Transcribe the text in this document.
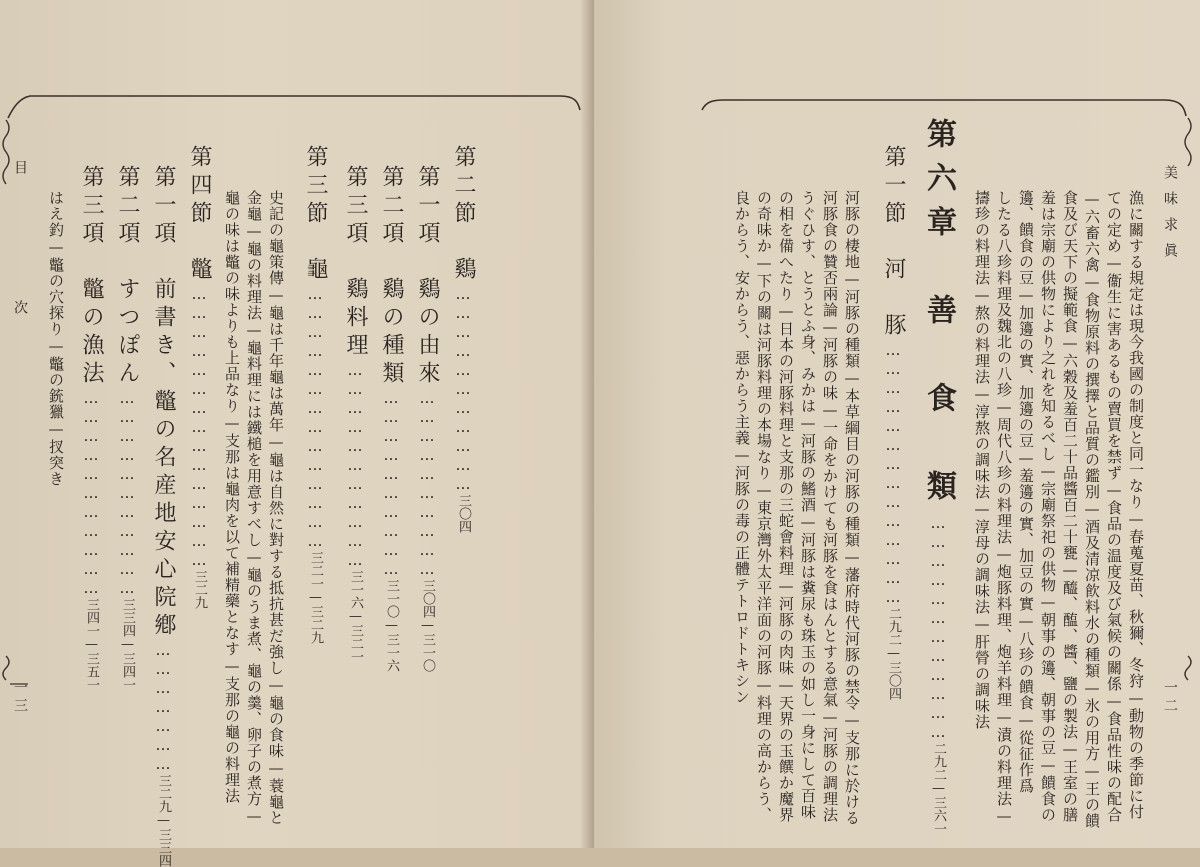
目
次
一三
第二節　鷄……………………………三〇四
第一項　鷄の由來…………………………三〇四—三一〇
第二項　鷄の種類…………………………三一〇—三一六
第三項　鷄料理……………………………三一六—三二一
第三節　龜……………………………………三二一—三二九
史記の龜策傳—龜は千年龜は萬年—龜は自然に對する抵抗甚だ強し—龜の食味—蓑龜と
金龜—龜の料理法—龜料理には鐵槌を用意すべし—龜のうま煮、龜の羹、卵子の煮方—
龜の味は鼈の味よりも上品なり—支那は龜肉を以て補精藥となす—支那の龜の料理法
第四節　鼈………………………………………三二九
第一項　前書き、鼈の名産地安心院鄕…………………三二九—三三四
第二項　すつぽん……………………………三三四—三四一
第三項　鼈の漁法……………………………三四一—三五一
はえ釣—鼈の穴探り—鼈の銃獵—扠突き	美味求眞
一二
漁に關する規定は現今我國の制度と同一なり—春蒐夏苗、秋獮、冬狩—動物の季節に付
ての定め—衞生に害あるもの賣買を禁ず—食品の温度及び氣候の關係—食品性味の配合
—六畜六禽—食物原料の撰擇と品質の鑑別—酒及清凉飮料水の種類—氷の用方—王の饋
食及び天下の擬範食—六穀及羞百二十品醬百二十甕—醯、醢、醬、鹽の製法—王室の膳
羞は宗廟の供物により之れを知るべし—宗廟祭祀の供物—朝事の籩、朝事の豆—饋食の
籩、饋食の豆—加籩の實、加籩の豆—羞籩の實、加豆の實—八珍の饋食—從征作爲
したる八珍料理及魏北の八珍—周代八珍の料理法—炮豚料理、炮羊料理—漬の料理法—
擣珍の料理法—熬の料理法—淳熬の調味法—淳母の調味法—肝膋の調味法
第六章　善　食　類………………………………二九二—三六一
第一節　河　豚……………………………………二九二—三〇四
河豚の棲地—河豚の種類—本草綱目の河豚の種類—藩府時代河豚の禁令—支那に於ける
河豚食の贊否兩論—河豚の味—一命をかけても河豚を食はんとする意氣—河豚の調理法
うぐひす、とうとふ身、みかは—河豚の鰭酒—河豚は糞尿も珠玉の如し一身にして百味
の相を備へたり—日本の河豚料理と支那の三蛇會料理—河豚の肉味—天界の玉饌か魔界
の奇味か—下の關は河豚料理の本場なり—東京灣外太平洋面の河豚—料理の高からう、
良からう、安からう、惡からう主義—河豚の毒の正體テトロドトキシン
